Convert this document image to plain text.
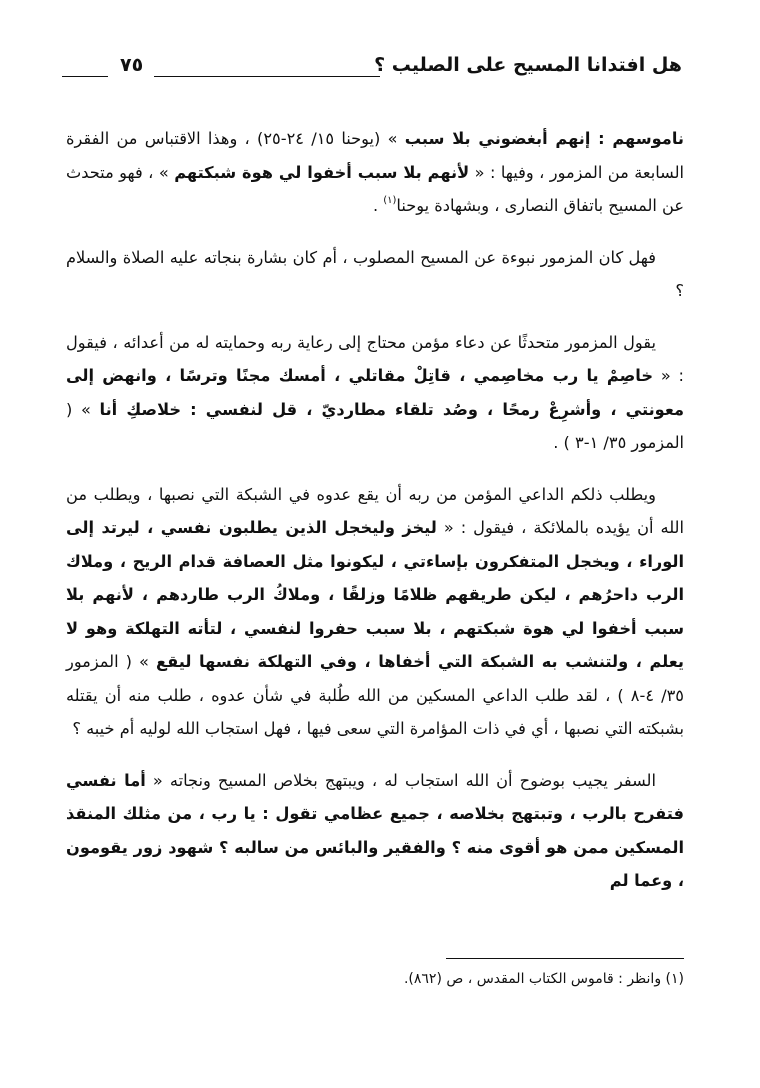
هل افتدانا المسيح على الصليب ؟
٧٥

ناموسهم : إنهم أبغضوني بلا سبب » (يوحنا ١٥/ ٢٤-٢٥) ، وهذا الاقتباس من الفقرة السابعة من المزمور ، وفيها : « لأنهم بلا سبب أخفوا لي هوة شبكتهم » ، فهو متحدث عن المسيح باتفاق النصارى ، وبشهادة يوحنا$^{(١)}$ .

فهل كان المزمور نبوءة عن المسيح المصلوب ، أم كان بشارة بنجاته عليه الصلاة والسلام ؟

يقول المزمور متحدثًا عن دعاء مؤمن محتاج إلى رعاية ربه وحمايته له من أعدائه ، فيقول : « خاصِمْ يا رب مخاصِمي ، قاتِلْ مقاتلي ، أمسك مجنًا وترسًا ، وانهض إلى معونتي ، وأشرِعْ رمحًا ، وصُد تلقاء مطارديّ ، قل لنفسي : خلاصكِ أنا » ( المزمور ٣٥/ ١-٣ ) .

ويطلب ذلكم الداعي المؤمن من ربه أن يقع عدوه في الشبكة التي نصبها ، ويطلب من الله أن يؤيده بالملائكة ، فيقول : « ليخز وليخجل الذين يطلبون نفسي ، ليرتد إلى الوراء ، ويخجل المتفكرون بإساءتي ، ليكونوا مثل العصافة قدام الريح ، وملاك الرب داحرُهم ، ليكن طريقهم ظلامًا وزلقًا ، وملاكُ الرب طاردهم ، لأنهم بلا سبب أخفوا لي هوة شبكتهم ، بلا سبب حفروا لنفسي ، لتأته التهلكة وهو لا يعلم ، ولتنشب به الشبكة التي أخفاها ، وفي التهلكة نفسها ليقع » ( المزمور ٣٥/ ٤-٨ ) ، لقد طلب الداعي المسكين من الله طُلبة في شأن عدوه ، طلب منه أن يقتله بشبكته التي نصبها ، أي في ذات المؤامرة التي سعى فيها ، فهل استجاب الله لوليه أم خيبه ؟

السفر يجيب بوضوح أن الله استجاب له ، ويبتهج بخلاص المسيح ونجاته « أما نفسي فتفرح بالرب ، وتبتهج بخلاصه ، جميع عظامي تقول : يا رب ، من مثلك المنقذ المسكين ممن هو أقوى منه ؟ والفقير والبائس من سالبه ؟ شهود زور يقومون ، وعما لم

(١) وانظر : قاموس الكتاب المقدس ، ص (٨٦٢).
